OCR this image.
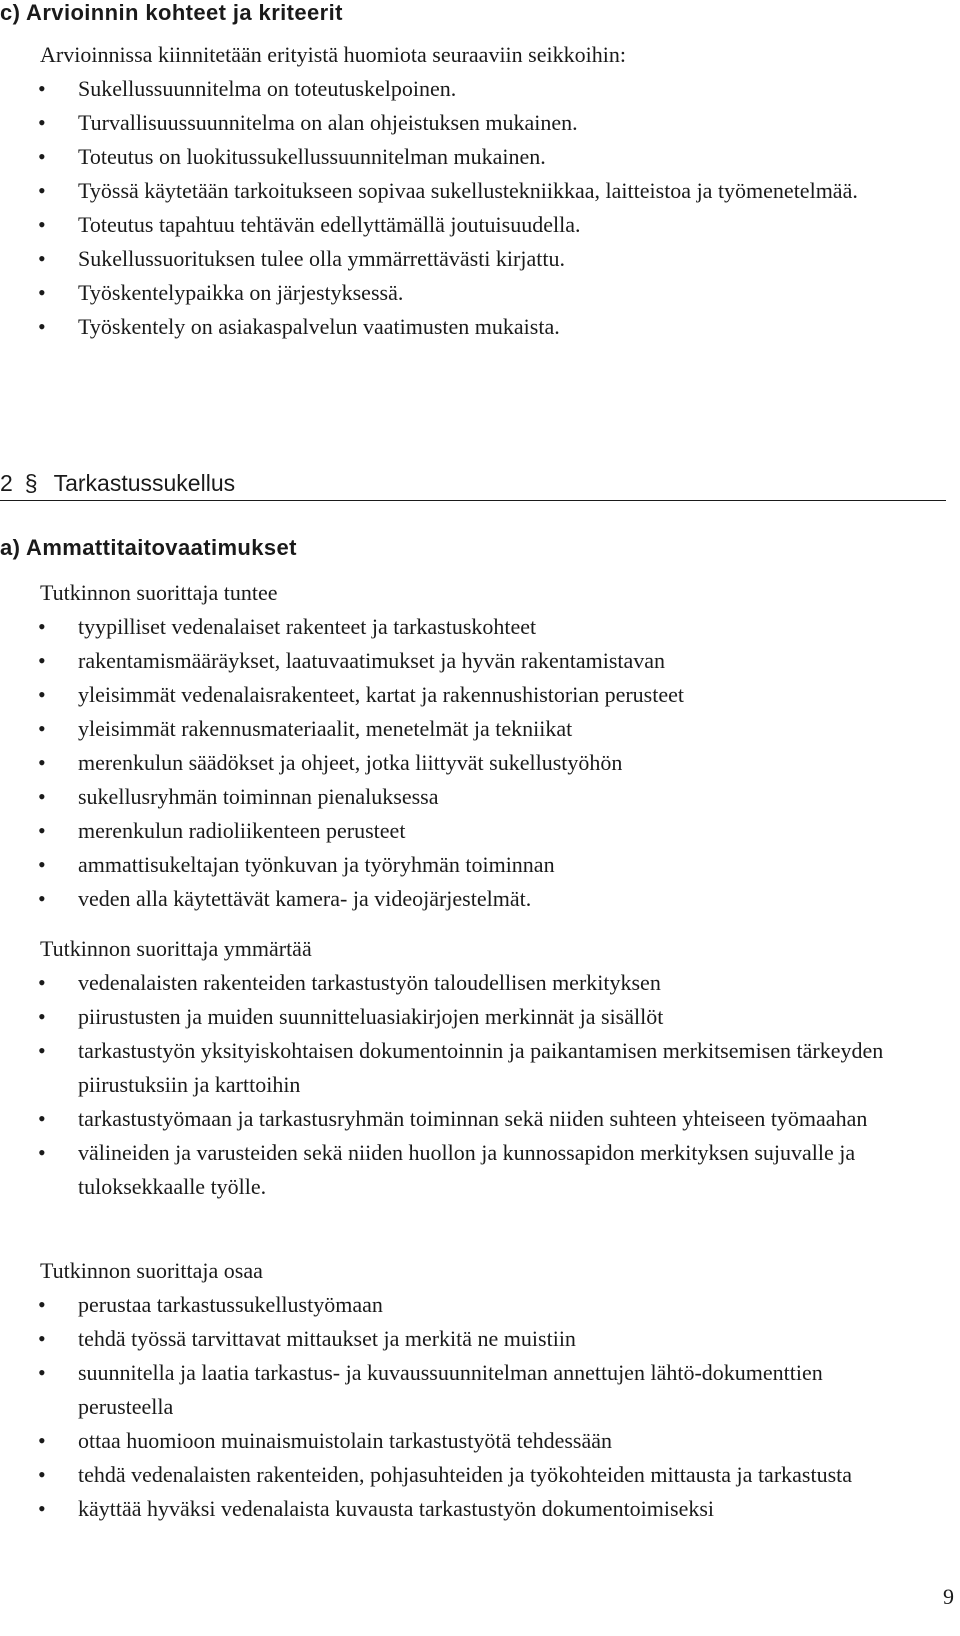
c) Arvioinnin kohteet ja kriteerit

Arvioinnissa kiinnitetään erityistä huomiota seuraaviin seikkoihin:

• Sukellussuunnitelma on toteutuskelpoinen.
• Turvallisuussuunnitelma on alan ohjeistuksen mukainen.
• Toteutus on luokitussukellussuunnitelman mukainen.
• Työssä käytetään tarkoitukseen sopivaa sukellustekniikkaa, laitteistoa ja työmenetelmää.
• Toteutus tapahtuu tehtävän edellyttämällä joutuisuudella.
• Sukellussuorituksen tulee olla ymmärrettävästi kirjattu.
• Työskentelypaikka on järjestyksessä.
• Työskentely on asiakaspalvelun vaatimusten mukaista.
2 § Tarkastussukellus
a) Ammattitaitovaatimukset

Tutkinnon suorittaja tuntee

• tyypilliset vedenalaiset rakenteet ja tarkastuskohteet
• rakentamismääräykset, laatuvaatimukset ja hyvän rakentamistavan
• yleisimmät vedenalaisrakenteet, kartat ja rakennushistorian perusteet
• yleisimmät rakennusmateriaalit, menetelmät ja tekniikat
• merenkulun säädökset ja ohjeet, jotka liittyvät sukellustyöhön
• sukellusryhmän toiminnan pienaluksessa
• merenkulun radioliikenteen perusteet
• ammattisukeltajan työnkuvan ja työryhmän toiminnan
• veden alla käytettävät kamera- ja videojärjestelmät.

Tutkinnon suorittaja ymmärtää

• vedenalaisten rakenteiden tarkastustyön taloudellisen merkityksen
• piirustusten ja muiden suunnitteluasiakirjojen merkinnät ja sisällöt
• tarkastustyön yksityiskohtaisen dokumentoinnin ja paikantamisen merkitsemisen tärkeyden piirustuksiin ja karttoihin
• tarkastustyömaan ja tarkastusryhmän toiminnan sekä niiden suhteen yhteiseen työmaahan
• välineiden ja varusteiden sekä niiden huollon ja kunnossapidon merkityksen sujuvalle ja tuloksekkaalle työlle.

Tutkinnon suorittaja osaa

• perustaa tarkastussukellustyömaan
• tehdä työssä tarvittavat mittaukset ja merkitä ne muistiin
• suunnitella ja laatia tarkastus- ja kuvaussuunnitelman annettujen lähtö-dokumenttien perusteella
• ottaa huomioon muinaismuistolain tarkastustyötä tehdessään
• tehdä vedenalaisten rakenteiden, pohjasuhteiden ja työkohteiden mittausta ja tarkastusta
• käyttää hyväksi vedenalaista kuvausta tarkastustyön dokumentoimiseksi
9
